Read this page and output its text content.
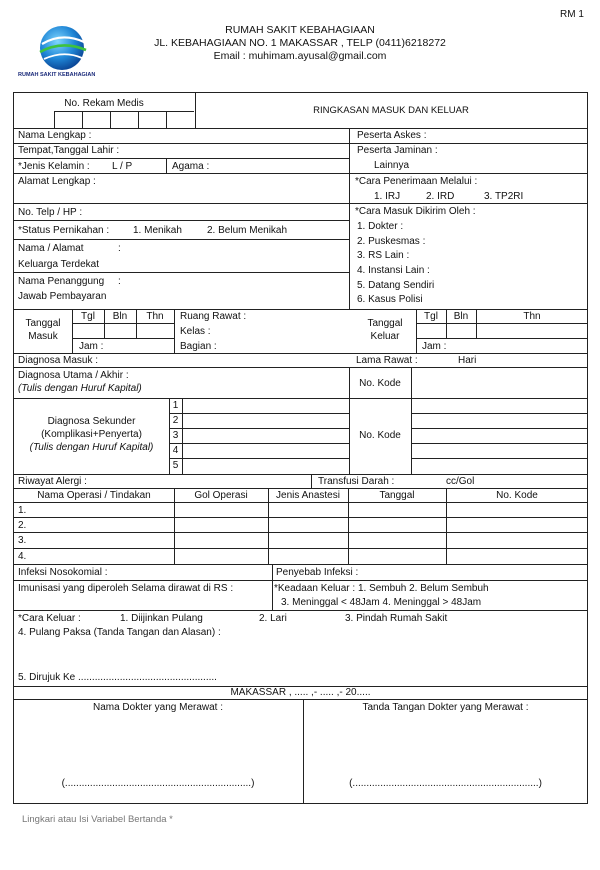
RM 1
RUMAH SAKIT KEBAHAGIAN
RUMAH SAKIT KEBAHAGIAAN
JL. KEBAHAGIAAN NO. 1 MAKASSAR , TELP (0411)6218272
Email : muhimam.ayusal@gmail.com
No. Rekam Medis
RINGKASAN MASUK DAN KELUAR
Nama Lengkap :
Tempat,Tanggal Lahir :
*Jenis Kelamin : L / P	Agama :
Alamat Lengkap :
No. Telp / HP :
*Status Pernikahan : 1. Menikah	2. Belum Menikah
Nama / Alamat	:
Keluarga Terdekat
Nama Penanggung :
Jawab Pembayaran
Peserta Askes :
Peserta Jaminan :
Lainnya
*Cara Penerimaan Melalui :
1. IRJ	2. IRD	3. TP2RI
*Cara Masuk Dikirim Oleh :
1. Dokter :
2. Puskesmas :
3. RS Lain :
4. Instansi Lain :
5. Datang Sendiri
6. Kasus Polisi
Tanggal
Masuk
Tgl	Bln	Thn
Jam :
Ruang Rawat :
Kelas :
Bagian :
Tanggal
Keluar
Tgl	Bln	Thn
Jam :
Diagnosa Masuk :	Lama Rawat :	Hari
Diagnosa Utama / Akhir :
(Tulis dengan Huruf Kapital)	No. Kode
Diagnosa Sekunder
(Komplikasi+Penyerta)
(Tulis dengan Huruf Kapital)
1
2
3
4
5
No. Kode
Riwayat Alergi :	Transfusi Darah :	cc/Gol
Nama Operasi / Tindakan	Gol Operasi	Jenis Anastesi	Tanggal	No. Kode
1.
2.
3.
4.
Infeksi Nosokomial :	Penyebab Infeksi :
Imunisasi yang diperoleh Selama dirawat di RS :	*Keadaan Keluar : 1. Sembuh 2. Belum Sembuh
3. Meninggal < 48Jam 4. Meninggal > 48Jam
*Cara Keluar :	1. Diijinkan Pulang	2. Lari	3. Pindah Rumah Sakit
4. Pulang Paksa (Tanda Tangan dan Alasan) :
5. Dirujuk Ke ..................................................
MAKASSAR , ..... ,- ..... ,- 20.....
Nama Dokter yang Merawat :	Tanda Tangan Dokter yang Merawat :
(...................................................................)	(...................................................................)
Lingkari atau Isi Variabel Bertanda *
